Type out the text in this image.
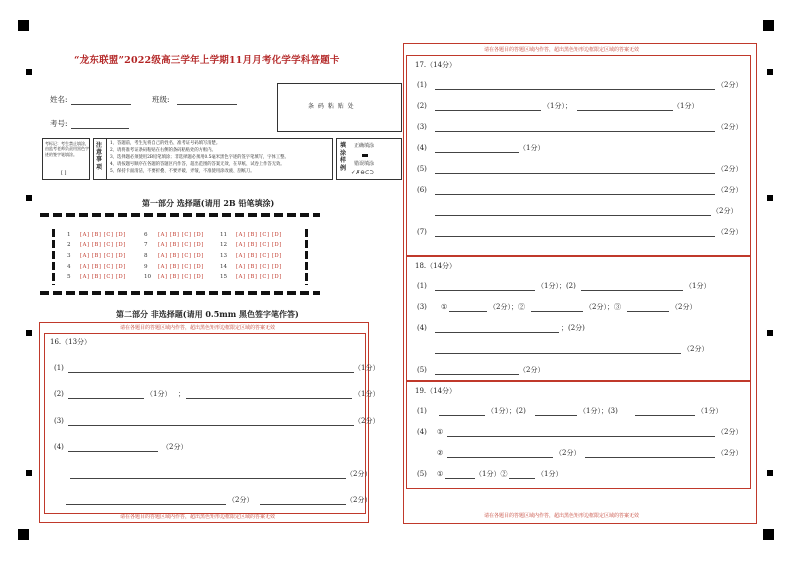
“龙东联盟”2022级高三学年上学期11月月考化学学科答题卡
姓名:	班级:
考号:
条 码 粘 贴 处
考标记：考生禁止填涂，由监考老师负责用黑色字迹的签字笔填涂。
[ ]
注 意 事 项
1、答题前，考生先将自己的姓名、准考证号码填写清楚。
2、请将准考证条码粘贴在右侧的条码粘贴处的方框内。
3、选择题必须使用2B铅笔填涂；非选择题必须用0.5毫米黑色字迹的签字笔填写，字体工整。
4、请按题号顺序在各题的答题区内作答，超出范围的答案无效，在草纸、试卷上作答无效。
5、保持卡面清洁，不要折叠、不要弄破、弄皱，不准使用涂改液、刮纸刀。
填 涂 样 例
正确填涂
错误填涂
✓✗⊖⊂⊃
第一部分 选择题(请用 2B 铅笔填涂)
1 [A] [B] [C] [D]
2 [A] [B] [C] [D]
3 [A] [B] [C] [D]
4 [A] [B] [C] [D]
5 [A] [B] [C] [D]
6 [A] [B] [C] [D]
7 [A] [B] [C] [D]
8 [A] [B] [C] [D]
9 [A] [B] [C] [D]
10 [A] [B] [C] [D]
11 [A] [B] [C] [D]
12 [A] [B] [C] [D]
13 [A] [B] [C] [D]
14 [A] [B] [C] [D]
15 [A] [B] [C] [D]
第二部分 非选择题(请用 0.5mm 黑色签字笔作答)
请在各题目的答题区域内作答，超出黑色矩形边框限定区域的答案无效
16.（13分）
(1)	（1分）
(2)	（1分） ；	（1分）
(3)	（2分）
(4)	（2分）
（2分）
（2分）	（2分）
请在各题目的答题区域内作答，超出黑色矩形边框限定区域的答案无效
请在各题目的答题区域内作答，超出黑色矩形边框限定区域的答案无效
请在各题目的答题区域内作答，超出黑色矩形边框限定区域的答案无效
17.（14分）
(1)	（2分）
(2)	（1分）；	（1分）
(3)	（2分）
(4)	（1分）
(5)	（2分）
(6)	（2分）
（2分）
(7)	（2分）
18.（14分）
(1)	（1分）；(2)	（1分）
(3) ①	（2分）；②	（2分）；③	（2分）
(4)	；(2分)
（2分）
(5)	（2分）
19.（14分）
(1)	（1分）；(2)	（1分）；(3)	（1分）
(4) ①	（2分）
②	（2分）	（2分）
(5) ①	（1分）②	（1分）
